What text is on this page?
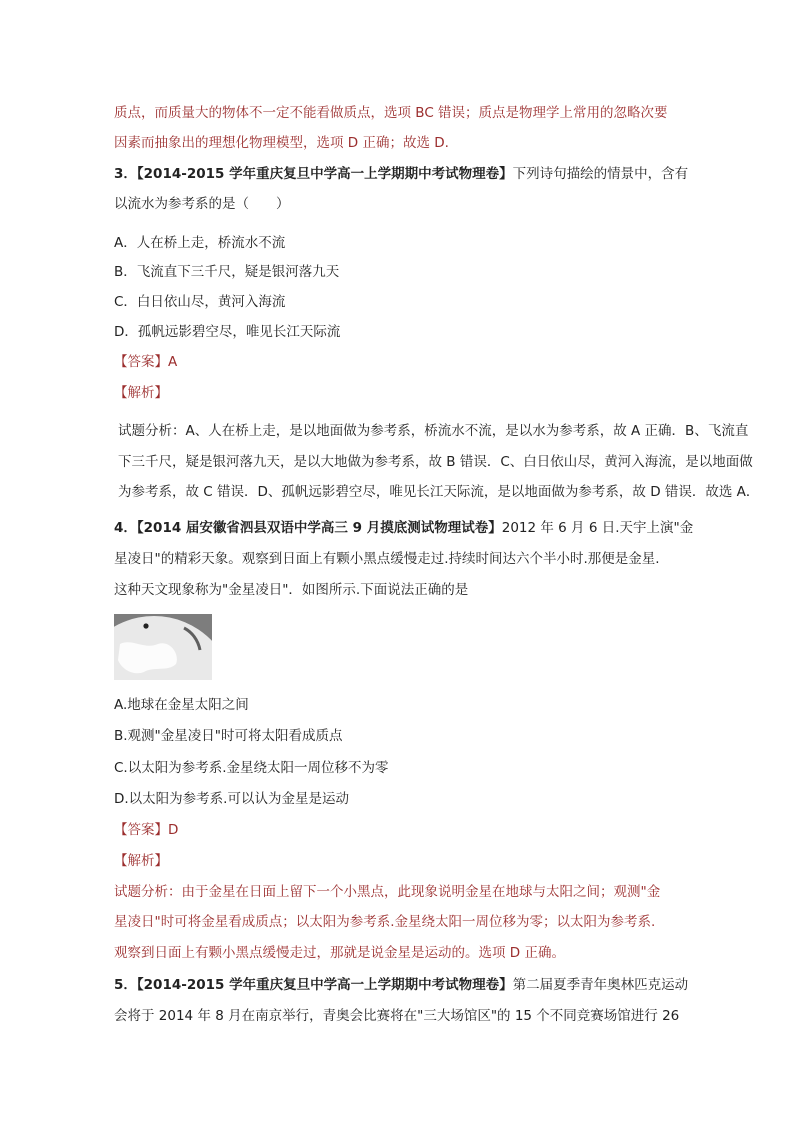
质点，而质量大的物体不一定不能看做质点，选项 BC 错误；质点是物理学上常用的忽略次要
因素而抽象出的理想化物理模型，选项 D 正确；故选 D.
3．【2014-2015 学年重庆复旦中学高一上学期期中考试物理卷】下列诗句描绘的情景中，含有
以流水为参考系的是（　　）
A．人在桥上走，桥流水不流
B．飞流直下三千尺，疑是银河落九天
C．白日依山尽，黄河入海流
D．孤帆远影碧空尽，唯见长江天际流
【答案】A
【解析】
试题分析：A、人在桥上走，是以地面做为参考系，桥流水不流，是以水为参考系，故 A 正确．B、飞流直
下三千尺，疑是银河落九天，是以大地做为参考系，故 B 错误．C、白日依山尽，黄河入海流，是以地面做
为参考系，故 C 错误．D、孤帆远影碧空尽，唯见长江天际流，是以地面做为参考系，故 D 错误．故选 A．
4．【2014 届安徽省泗县双语中学高三 9 月摸底测试物理试卷】2012 年 6 月 6 日.天宇上演"金
星凌日"的精彩天象。观察到日面上有颗小黑点缓慢走过.持续时间达六个半小时.那便是金星.
这种天文现象称为"金星凌日"．如图所示.下面说法正确的是
A.地球在金星太阳之间
B.观测"金星凌日"时可将太阳看成质点
C.以太阳为参考系.金星绕太阳一周位移不为零
D.以太阳为参考系.可以认为金星是运动
【答案】D
【解析】
试题分析：由于金星在日面上留下一个小黑点，此现象说明金星在地球与太阳之间；观测"金
星凌日"时可将金星看成质点；以太阳为参考系.金星绕太阳一周位移为零；以太阳为参考系.
观察到日面上有颗小黑点缓慢走过，那就是说金星是运动的。选项 D 正确。
5．【2014-2015 学年重庆复旦中学高一上学期期中考试物理卷】第二届夏季青年奥林匹克运动
会将于 2014 年 8 月在南京举行，青奥会比赛将在"三大场馆区"的 15 个不同竞赛场馆进行 26
